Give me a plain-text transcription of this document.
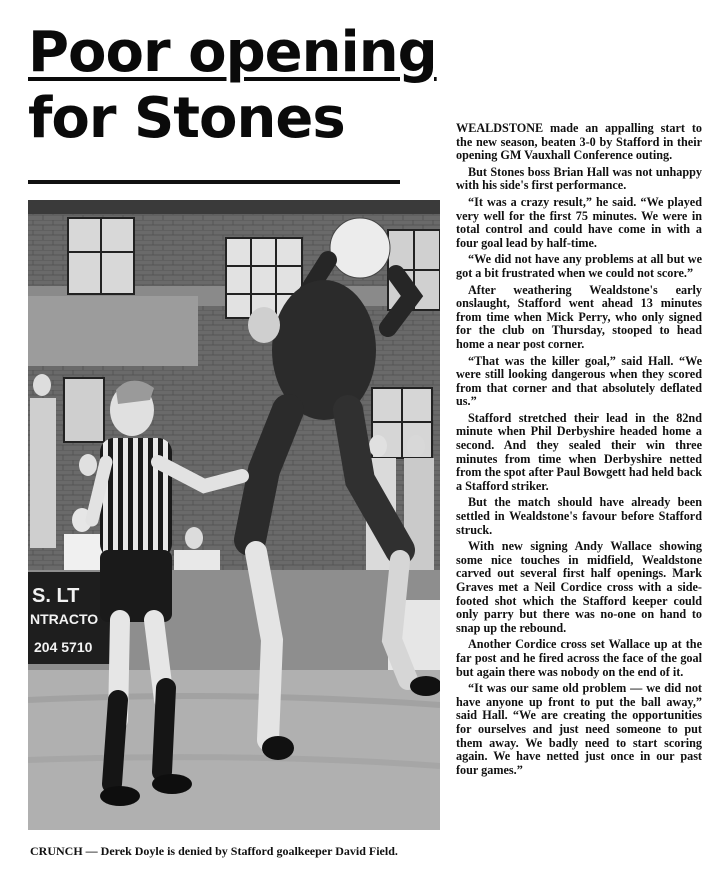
Poor opening
for Stones
S. LT
NTRACTO
204 5710
CRUNCH — Derek Doyle is denied by Stafford goalkeeper David Field.

WEALDSTONE made an appalling start to the new season, beaten 3-0 by Stafford in their opening GM Vauxhall Conference outing.

But Stones boss Brian Hall was not unhappy with his side's first performance.

“It was a crazy result,” he said. “We played very well for the first 75 minutes. We were in total control and could have come in with a four goal lead by half-time.

“We did not have any problems at all but we got a bit frustrated when we could not score.”

After weathering Wealdstone's early onslaught, Stafford went ahead 13 minutes from time when Mick Perry, who only signed for the club on Thursday, stooped to head home a near post corner.

“That was the killer goal,” said Hall. “We were still looking dangerous when they scored from that corner and that absolutely deflated us.”

Stafford stretched their lead in the 82nd minute when Phil Derbyshire headed home a second. And they sealed their win three minutes from time when Derbyshire netted from the spot after Paul Bowgett had held back a Stafford striker.

But the match should have already been settled in Wealdstone's favour before Stafford struck.

With new signing Andy Wallace showing some nice touches in midfield, Wealdstone carved out several first half openings. Mark Graves met a Neil Cordice cross with a side-footed shot which the Stafford keeper could only parry but there was no-one on hand to snap up the rebound.

Another Cordice cross set Wallace up at the far post and he fired across the face of the goal but again there was nobody on the end of it.

“It was our same old problem — we did not have anyone up front to put the ball away,” said Hall. “We are creating the opportunities for ourselves and just need someone to put them away. We badly need to start scoring again. We have netted just once in our past four games.”
